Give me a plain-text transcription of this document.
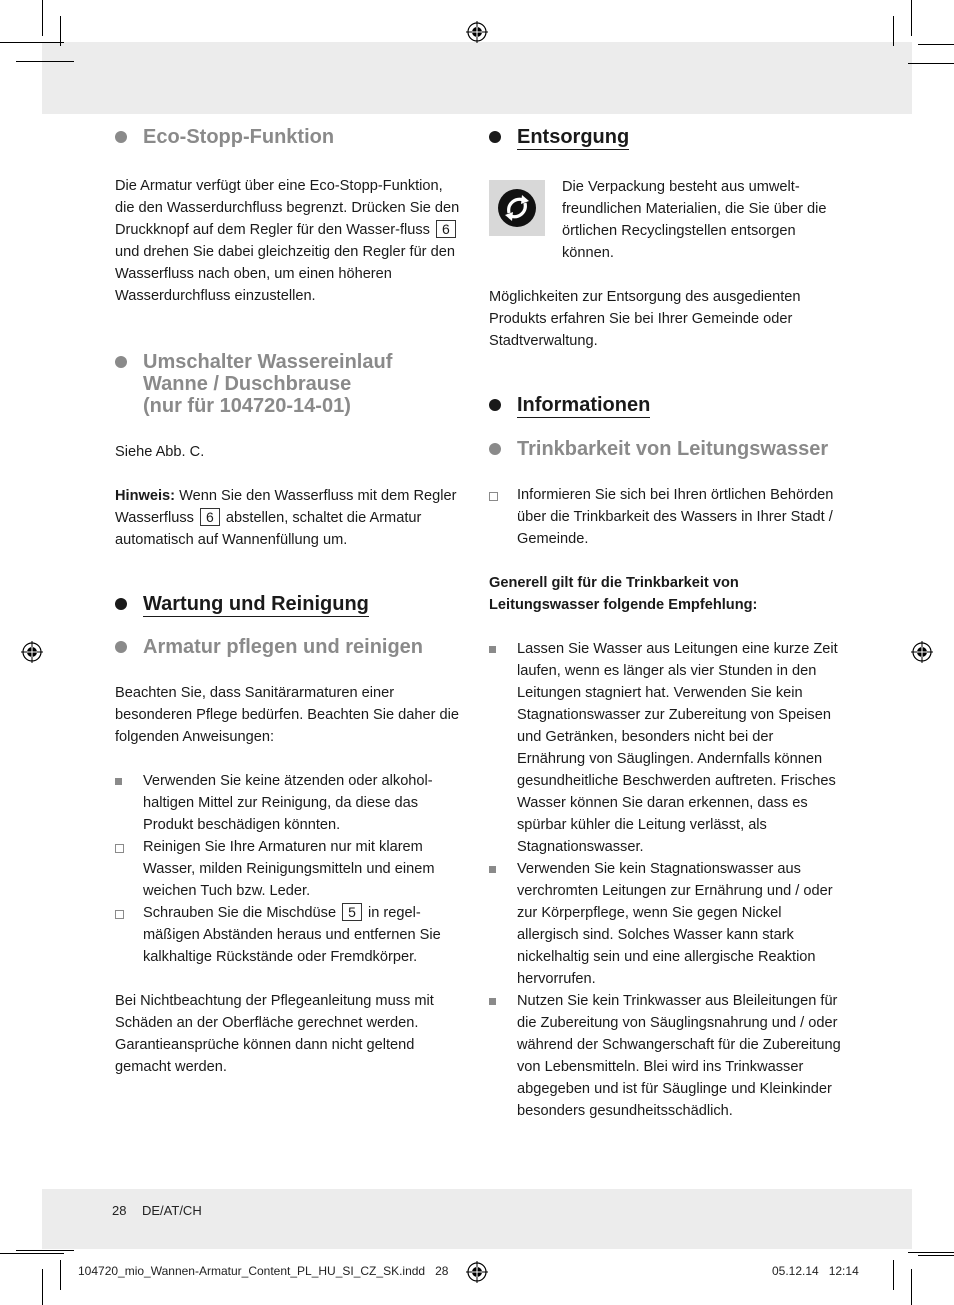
Eco-Stopp-Funktion

Die Armatur verfügt über eine Eco-Stopp-Funktion, die den Wasserdurchfluss begrenzt. Drücken Sie den Druckknopf auf dem Regler für den Wasser-fluss 6 und drehen Sie dabei gleichzeitig den Regler für den Wasserfluss nach oben, um einen höheren Wasserdurchfluss einzustellen.

Umschalter Wassereinlauf
Wanne / Duschbrause
(nur für 104720-14-01)

Siehe Abb. C.

Hinweis: Wenn Sie den Wasserfluss mit dem Regler Wasserfluss 6 abstellen, schaltet die Armatur automatisch auf Wannenfüllung um.

Wartung und Reinigung
Armatur pflegen und reinigen

Beachten Sie, dass Sanitärarmaturen einer besonderen Pflege bedürfen. Beachten Sie daher die folgenden Anweisungen:

Verwenden Sie keine ätzenden oder alkohol-haltigen Mittel zur Reinigung, da diese das Produkt beschädigen könnten.
Reinigen Sie Ihre Armaturen nur mit klarem Wasser, milden Reinigungsmitteln und einem weichen Tuch bzw. Leder.
Schrauben Sie die Mischdüse 5 in regel-mäßigen Abständen heraus und entfernen Sie kalkhaltige Rückstände oder Fremdkörper.

Bei Nichtbeachtung der Pflegeanleitung muss mit Schäden an der Oberfläche gerechnet werden. Garantieansprüche können dann nicht geltend gemacht werden.

Entsorgung

Die Verpackung besteht aus umwelt-freundlichen Materialien, die Sie über die örtlichen Recyclingstellen entsorgen können.

Möglichkeiten zur Entsorgung des ausgedienten Produkts erfahren Sie bei Ihrer Gemeinde oder Stadtverwaltung.

Informationen
Trinkbarkeit von Leitungswasser
Informieren Sie sich bei Ihren örtlichen Behörden über die Trinkbarkeit des Wassers in Ihrer Stadt / Gemeinde.

Generell gilt für die Trinkbarkeit von Leitungswasser folgende Empfehlung:

Lassen Sie Wasser aus Leitungen eine kurze Zeit laufen, wenn es länger als vier Stunden in den Leitungen stagniert hat. Verwenden Sie kein Stagnationswasser zur Zubereitung von Speisen und Getränken, besonders nicht bei der Ernährung von Säuglingen. Andernfalls können gesundheitliche Beschwerden auftreten. Frisches Wasser können Sie daran erkennen, dass es spürbar kühler die Leitung verlässt, als Stagnationswasser.
Verwenden Sie kein Stagnationswasser aus verchromten Leitungen zur Ernährung und / oder zur Körperpflege, wenn Sie gegen Nickel allergisch sind. Solches Wasser kann stark nickelhaltig sein und eine allergische Reaktion hervorrufen.
Nutzen Sie kein Trinkwasser aus Bleileitungen für die Zubereitung von Säuglingsnahrung und / oder während der Schwangerschaft für die Zubereitung von Lebensmitteln. Blei wird ins Trinkwasser abgegeben und ist für Säuglinge und Kleinkinder besonders gesundheitsschädlich.
28 DE/AT/CH
104720_mio_Wannen-Armatur_Content_PL_HU_SI_CZ_SK.indd   28	05.12.14   12:14
